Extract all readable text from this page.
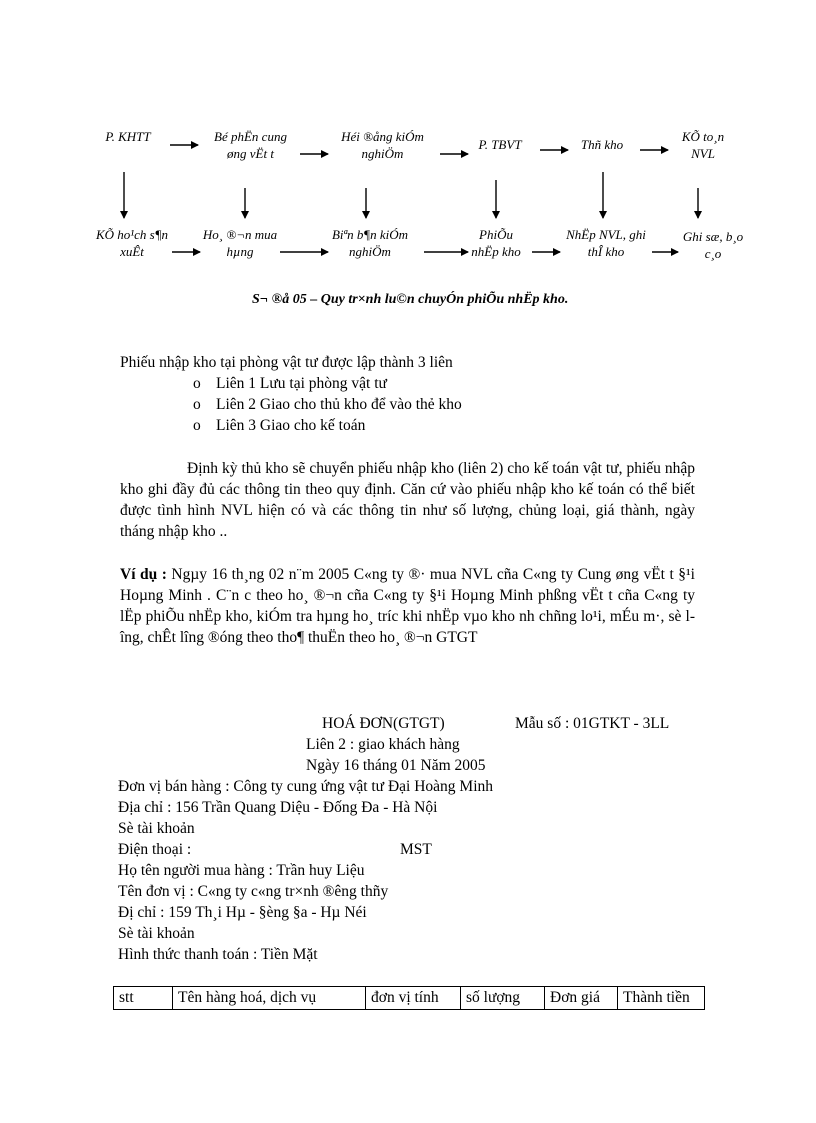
P. KHTT	Bé phËn cung øng vËt t
Héi ®ång kiÓm nghiÖm
P. TBVT	Thñ kho
KÕ to¸n NVL
KÕ ho¹ch s¶n xuÊt
Ho¸ ®¬n mua hµng
Biªn b¶n kiÓm nghiÖm
PhiÕu nhËp kho
NhËp NVL, ghi thÎ kho
Ghi sæ, b¸o c¸o
S¬ ®å 05 – Quy tr×nh lu©n chuyÓn phiÕu nhËp kho.
Phiếu nhập kho tại phòng vật tư được lập thành 3 liên
o Liên 1 Lưu tại phòng vật tư
o Liên 2 Giao cho thủ kho để vào thẻ kho
o Liên 3 Giao cho kế toán
Định kỳ thủ kho sẽ chuyển phiếu nhập kho (liên 2) cho kế toán vật tư, phiếu nhập kho ghi đầy đủ các thông tin theo quy định. Căn cứ vào phiếu nhập kho kế toán có thể biết được tình hình NVL hiện có và các thông tin như số lượng, chủng loại, giá thành, ngày tháng nhập kho ..
Ví dụ : Ngµy 16 th¸ng 02 n¨m 2005 C«ng ty ®· mua NVL cña C«ng ty Cung øng vËt t §¹i Hoµng Minh . C¨n c theo ho¸ ®¬n cña C«ng ty §¹i Hoµng Minh phßng vËt t cña C«ng ty lËp phiÕu nhËp kho, kiÓm tra hµng ho¸ tríc khi nhËp vµo kho nh chñng lo¹i, mÉu m·, sè lîng, chÊt lîng ®óng theo tho¶ thuËn theo ho¸ ®¬n GTGT
HOÁ ĐƠN(GTGT)	Mẫu số : 01GTKT - 3LL
Liên 2 : giao khách hàng
Ngày 16 tháng 01 Năm 2005
Đơn vị bán hàng : Công ty cung ứng vật tư Đại Hoàng Minh
Địa chỉ : 156 Trần Quang Diệu - Đống Đa - Hà Nội
Sè tài khoản
Điện thoại :	MST
Họ tên người mua hàng : Trần huy Liệu
Tên đơn vị : C«ng ty c«ng tr×nh ®êng thñy
Đị chỉ : 159 Th¸i Hµ - §èng §a - Hµ Néi
Sè tài khoản
Hình thức thanh toán : Tiền Mặt
stt	Tên hàng hoá, dịch vụ	đơn vị tính	số lượng	Đơn giá	Thành tiền
